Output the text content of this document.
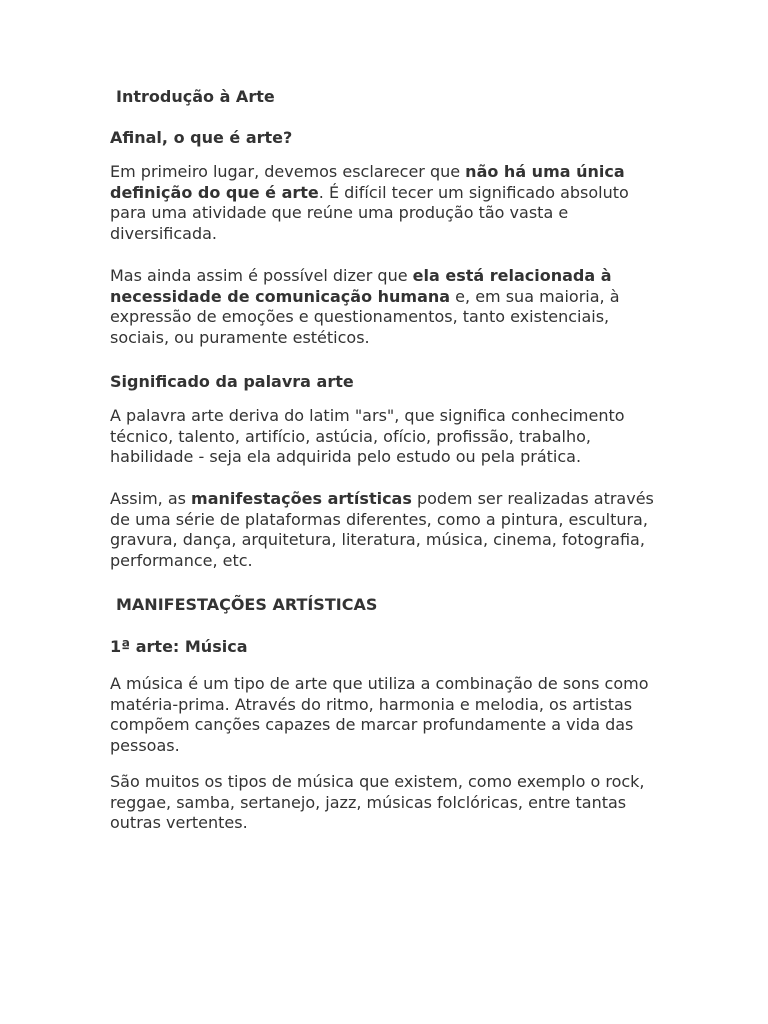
Introdução à Arte
Afinal, o que é arte?

Em primeiro lugar, devemos esclarecer que não há uma única definição do que é arte. É difícil tecer um significado absoluto para uma atividade que reúne uma produção tão vasta e diversificada.

Mas ainda assim é possível dizer que ela está relacionada à necessidade de comunicação humana e, em sua maioria, à expressão de emoções e questionamentos, tanto existenciais, sociais, ou puramente estéticos.

Significado da palavra arte

A palavra arte deriva do latim "ars", que significa conhecimento técnico, talento, artifício, astúcia, ofício, profissão, trabalho, habilidade - seja ela adquirida pelo estudo ou pela prática.

Assim, as manifestações artísticas podem ser realizadas através de uma série de plataformas diferentes, como a pintura, escultura, gravura, dança, arquitetura, literatura, música, cinema, fotografia, performance, etc.

MANIFESTAÇÕES ARTÍSTICAS
1ª arte: Música

A música é um tipo de arte que utiliza a combinação de sons como matéria-prima. Através do ritmo, harmonia e melodia, os artistas compõem canções capazes de marcar profundamente a vida das pessoas.

São muitos os tipos de música que existem, como exemplo o rock, reggae, samba, sertanejo, jazz, músicas folclóricas, entre tantas outras vertentes.
